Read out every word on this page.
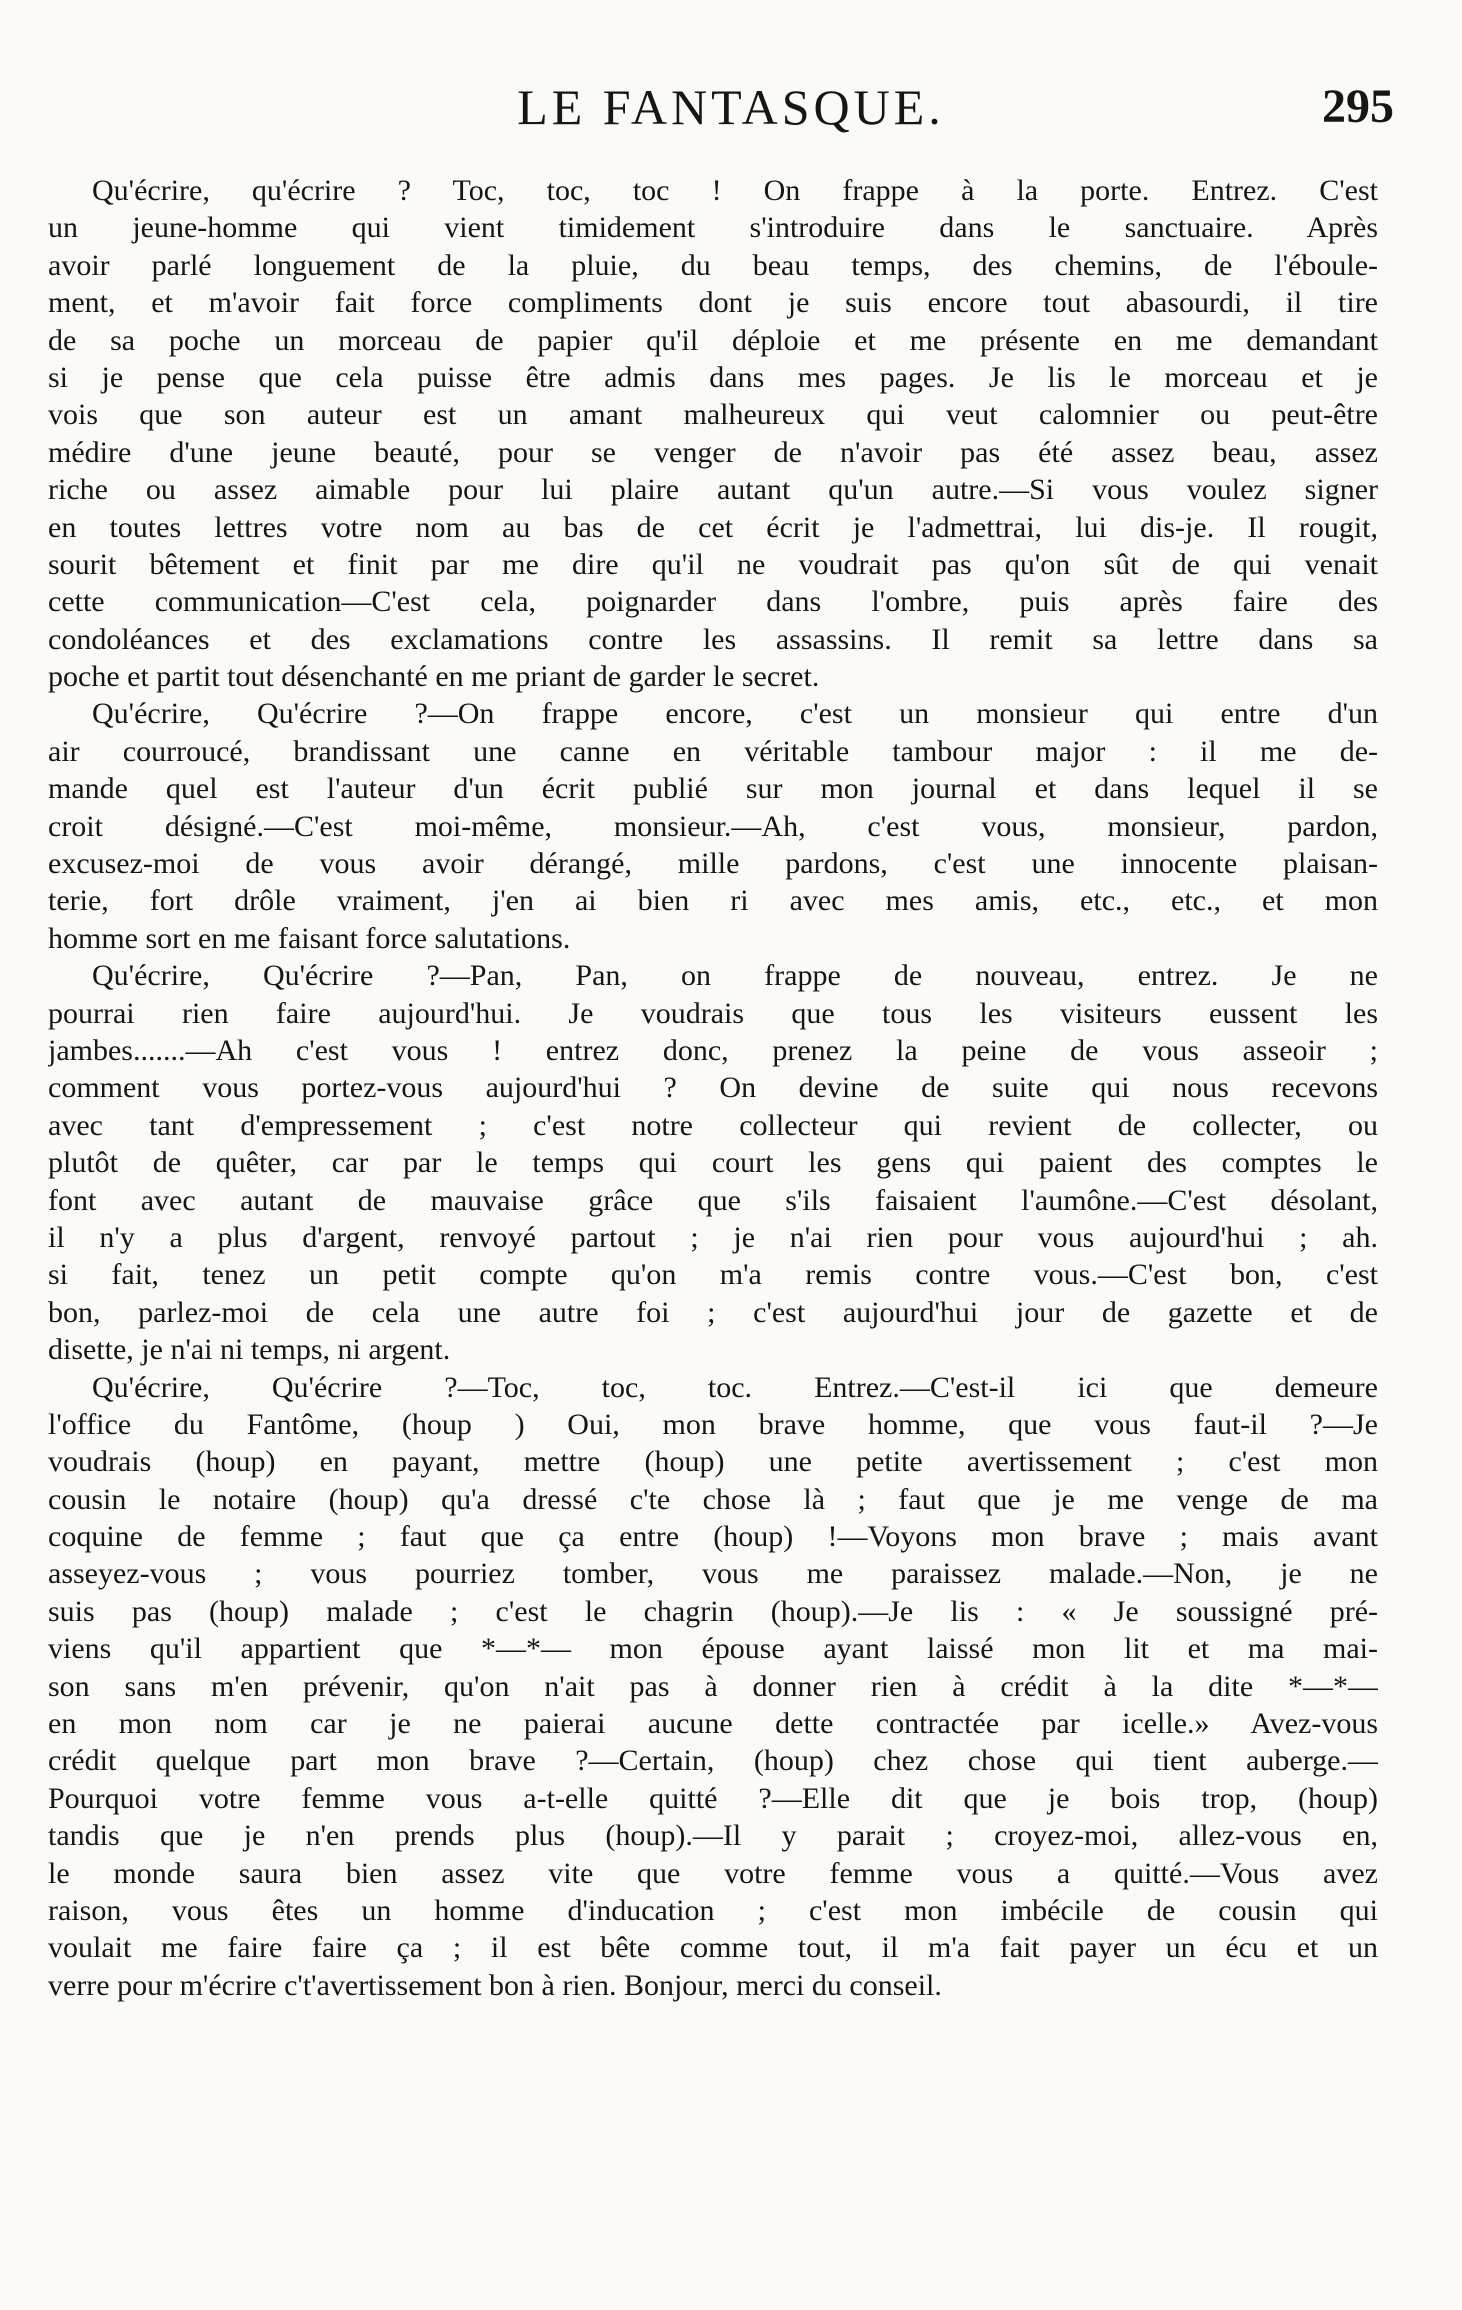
LE FANTASQUE.	295
Qu'écrire, qu'écrire ? Toc, toc, toc ! On frappe à la porte. Entrez. C'est
un jeune-homme qui vient timidement s'introduire dans le sanctuaire. Après
avoir parlé longuement de la pluie, du beau temps, des chemins, de l'éboule-
ment, et m'avoir fait force compliments dont je suis encore tout abasourdi, il tire
de sa poche un morceau de papier qu'il déploie et me présente en me demandant
si je pense que cela puisse être admis dans mes pages. Je lis le morceau et je
vois que son auteur est un amant malheureux qui veut calomnier ou peut-être
médire d'une jeune beauté, pour se venger de n'avoir pas été assez beau, assez
riche ou assez aimable pour lui plaire autant qu'un autre.—Si vous voulez signer
en toutes lettres votre nom au bas de cet écrit je l'admettrai, lui dis-je. Il rougit,
sourit bêtement et finit par me dire qu'il ne voudrait pas qu'on sût de qui venait
cette communication—C'est cela, poignarder dans l'ombre, puis après faire des
condoléances et des exclamations contre les assassins. Il remit sa lettre dans sa
poche et partit tout désenchanté en me priant de garder le secret.
Qu'écrire, Qu'écrire ?—On frappe encore, c'est un monsieur qui entre d'un
air courroucé, brandissant une canne en véritable tambour major : il me de-
mande quel est l'auteur d'un écrit publié sur mon journal et dans lequel il se
croit désigné.—C'est moi-même, monsieur.—Ah, c'est vous, monsieur, pardon,
excusez-moi de vous avoir dérangé, mille pardons, c'est une innocente plaisan-
terie, fort drôle vraiment, j'en ai bien ri avec mes amis, etc., etc., et mon
homme sort en me faisant force salutations.
Qu'écrire, Qu'écrire ?—Pan, Pan, on frappe de nouveau, entrez. Je ne
pourrai rien faire aujourd'hui. Je voudrais que tous les visiteurs eussent les
jambes.......—Ah c'est vous ! entrez donc, prenez la peine de vous asseoir ;
comment vous portez-vous aujourd'hui ? On devine de suite qui nous recevons
avec tant d'empressement ; c'est notre collecteur qui revient de collecter, ou
plutôt de quêter, car par le temps qui court les gens qui paient des comptes le
font avec autant de mauvaise grâce que s'ils faisaient l'aumône.—C'est désolant,
il n'y a plus d'argent, renvoyé partout ; je n'ai rien pour vous aujourd'hui ; ah.
si fait, tenez un petit compte qu'on m'a remis contre vous.—C'est bon, c'est
bon, parlez-moi de cela une autre foi ; c'est aujourd'hui jour de gazette et de
disette, je n'ai ni temps, ni argent.
Qu'écrire, Qu'écrire ?—Toc, toc, toc. Entrez.—C'est-il ici que demeure
l'office du Fantôme, (houp ) Oui, mon brave homme, que vous faut-il ?—Je
voudrais (houp) en payant, mettre (houp) une petite avertissement ; c'est mon
cousin le notaire (houp) qu'a dressé c'te chose là ; faut que je me venge de ma
coquine de femme ; faut que ça entre (houp) !—Voyons mon brave ; mais avant
asseyez-vous ; vous pourriez tomber, vous me paraissez malade.—Non, je ne
suis pas (houp) malade ; c'est le chagrin (houp).—Je lis : « Je soussigné pré-
viens qu'il appartient que *—*— mon épouse ayant laissé mon lit et ma mai-
son sans m'en prévenir, qu'on n'ait pas à donner rien à crédit à la dite *—*—
en mon nom car je ne paierai aucune dette contractée par icelle.» Avez-vous
crédit quelque part mon brave ?—Certain, (houp) chez chose qui tient auberge.—
Pourquoi votre femme vous a-t-elle quitté ?—Elle dit que je bois trop, (houp)
tandis que je n'en prends plus (houp).—Il y parait ; croyez-moi, allez-vous en,
le monde saura bien assez vite que votre femme vous a quitté.—Vous avez
raison, vous êtes un homme d'inducation ; c'est mon imbécile de cousin qui
voulait me faire faire ça ; il est bête comme tout, il m'a fait payer un écu et un
verre pour m'écrire c't'avertissement bon à rien. Bonjour, merci du conseil.
